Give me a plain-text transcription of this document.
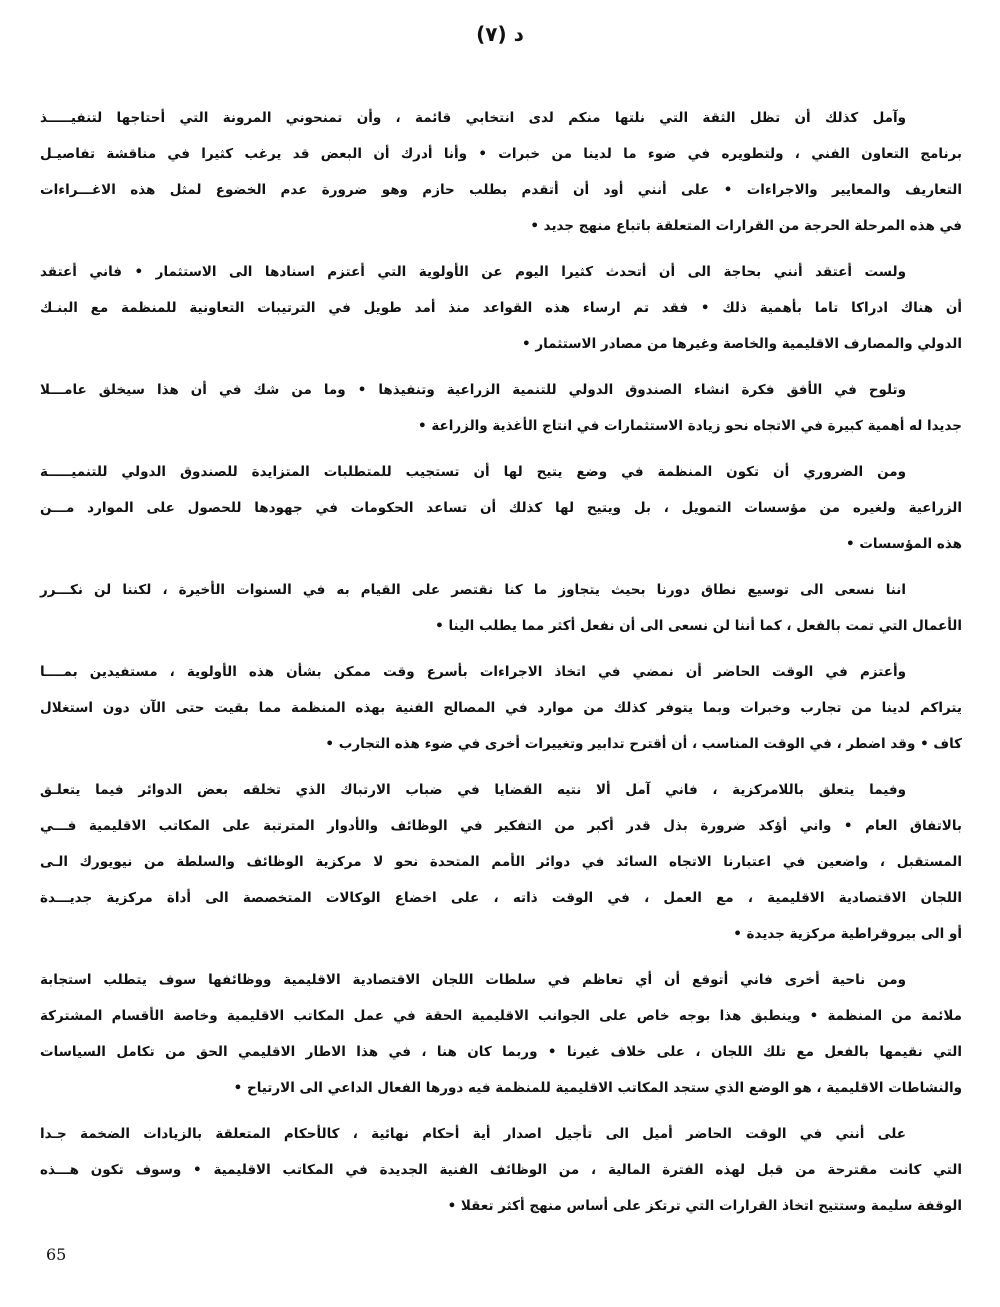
د (٧)
وآمل كذلك أن تظل الثقة التي نلتها منكم لدى انتخابي قائمة ، وأن تمنحوني المرونة التي أحتاجها لتنفيـــــذ
برنامج التعاون الفني ، ولتطويره في ضوء ما لدينا من خبرات • وأنا أدرك أن البعض قد يرغب كثيرا في مناقشة تفاصيـل
التعاريف والمعايير والاجراءات • على أنني أود أن أتقدم بطلب حازم وهو ضرورة عدم الخضوع لمثل هذه الاغـــراءات
في هذه المرحلة الحرجة من القرارات المتعلقة باتباع منهج جديد •
ولست أعتقد أنني بحاجة الى أن أتحدث كثيرا اليوم عن الأولوية التي أعتزم اسنادها الى الاستثمار • فاني أعتقد
أن هناك ادراكا تاما بأهمية ذلك • فقد تم ارساء هذه القواعد منذ أمد طويل في الترتيبات التعاونية للمنظمة مع البنـك
الدولي والمصارف الاقليمية والخاصة وغيرها من مصادر الاستثمار •
وتلوح في الأفق فكرة انشاء الصندوق الدولي للتنمية الزراعية وتنفيذها • وما من شك في أن هذا سيخلق عامـــلا
جديدا له أهمية كبيرة في الاتجاه نحو زيادة الاستثمارات في انتاج الأغذية والزراعة •
ومن الضروري أن تكون المنظمة في وضع يتيح لها أن تستجيب للمتطلبات المتزايدة للصندوق الدولي للتنميـــــة
الزراعية ولغيره من مؤسسات التمويل ، بل ويتيح لها كذلك أن تساعد الحكومات في جهودها للحصول على الموارد مـــن
هذه المؤسسات •
اننا نسعى الى توسيع نطاق دورنا بحيث يتجاوز ما كنا نقتصر على القيام به في السنوات الأخيرة ، لكننا لن نكـــرر
الأعمال التي تمت بالفعل ، كما أننا لن نسعى الى أن نفعل أكثر مما يطلب الينا •
وأعتزم في الوقت الحاضر أن نمضي في اتخاذ الاجراءات بأسرع وقت ممكن بشأن هذه الأولوية ، مستفيدين بمــــا
يتراكم لدينا من تجارب وخبرات وبما يتوفر كذلك من موارد في المصالح الفنية بهذه المنظمة مما بقيت حتى الآن دون استغلال
كاف • وقد اضطر ، في الوقت المناسب ، أن أقترح تدابير وتغييرات أخرى في ضوء هذه التجارب •
وفيما يتعلق باللامركزية ، فاني آمل ألا نتيه القضايا في ضباب الارتباك الذي تخلقه بعض الدوائر فيما يتعلـق
بالاتفاق العام • واني أؤكد ضرورة بذل قدر أكبر من التفكير في الوظائف والأدوار المترتبة على المكاتب الاقليمية فـــي
المستقبل ، واضعين في اعتبارنا الاتجاه السائد في دوائر الأمم المتحدة نحو لا مركزية الوظائف والسلطة من نيويورك الـى
اللجان الاقتصادية الاقليمية ، مع العمل ، في الوقت ذاته ، على اخضاع الوكالات المتخصصة الى أداة مركزية جديـــدة
أو الى بيروقراطية مركزية جديدة •
ومن ناحية أخرى فاني أتوقع أن أي تعاظم في سلطات اللجان الاقتصادية الاقليمية ووظائفها سوف يتطلب استجابة
ملائمة من المنظمة • وينطبق هذا بوجه خاص على الجوانب الاقليمية الحقة في عمل المكاتب الاقليمية وخاصة الأقسام المشتركة
التي نقيمها بالفعل مع تلك اللجان ، على خلاف غيرنا • وربما كان هنا ، في هذا الاطار الاقليمي الحق من تكامل السياسات
والنشاطات الاقليمية ، هو الوضع الذي ستجد المكاتب الاقليمية للمنظمة فيه دورها الفعال الداعي الى الارتياح •
على أنني في الوقت الحاضر أميل الى تأجيل اصدار أية أحكام نهائية ، كالأحكام المتعلقة بالزيادات الضخمة جـدا
التي كانت مقترحة من قبل لهذه الفترة المالية ، من الوظائف الفنية الجديدة في المكاتب الاقليمية • وسوف تكون هـــذه
الوقفة سليمة وستتيح اتخاذ القرارات التي ترتكز على أساس منهج أكثر تعقلا •
65
